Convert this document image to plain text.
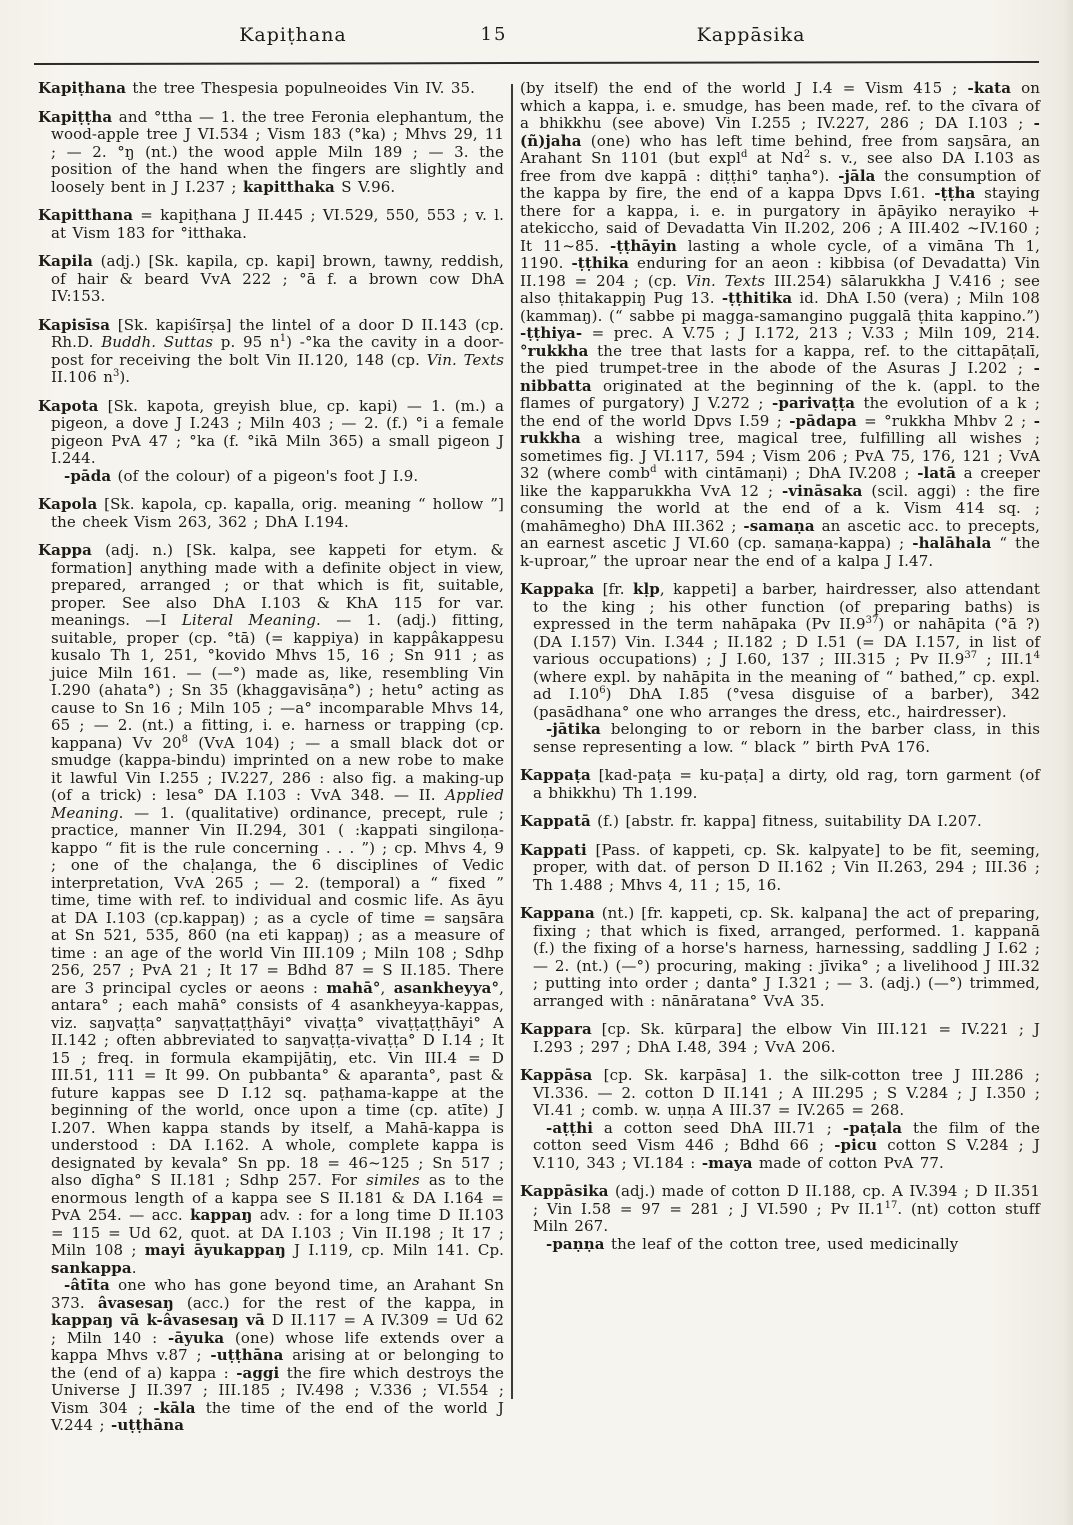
Kapiṭhana	15	Kappāsika

Kapiṭhana the tree Thespesia populneoides Vin IV. 35.

Kapiṭṭha and °ttha — 1. the tree Feronia elephantum, the wood-apple tree J VI.534 ; Vism 183 (°ka) ; Mhvs 29, 11 ; — 2. °ŋ (nt.) the wood apple Miln 189 ; — 3. the position of the hand when the fingers are slightly and loosely bent in J I.237 ; kapitthaka S V.96.

Kapitthana = kapiṭhana J II.445 ; VI.529, 550, 553 ; v. l. at Vism 183 for °itthaka.

Kapila (adj.) [Sk. kapila, cp. kapi] brown, tawny, reddish, of hair & beard VvA 222 ; °ā f. a brown cow DhA IV:153.

Kapisīsa [Sk. kapiśīrṣa] the lintel of a door D II.143 (cp. Rh.D. Buddh. Suttas p. 95 $n^1$) -°ka the cavity in a door-post for receiving the bolt Vin II.120, 148 (cp. Vin. Texts II.106 $n^3$).

Kapota [Sk. kapota, greyish blue, cp. kapi) — 1. (m.) a pigeon, a dove J I.243 ; Miln 403 ; — 2. (f.) °i a female pigeon PvA 47 ; °ka (f. °ikā Miln 365) a small pigeon J I.244.

-pāda (of the colour) of a pigeon's foot J I.9.

Kapola [Sk. kapola, cp. kapalla, orig. meaning “ hollow ”] the cheek Vism 263, 362 ; DhA I.194.

Kappa (adj. n.) [Sk. kalpa, see kappeti for etym. & formation] anything made with a definite object in view, prepared, arranged ; or that which is fit, suitable, proper. See also DhA I.103 & KhA 115 for var. meanings. —I Literal Meaning. — 1. (adj.) fitting, suitable, proper (cp. °tā) (= kappiya) in kappâkappesu kusalo Th 1, 251, °kovido Mhvs 15, 16 ; Sn 911 ; as juice Miln 161. — (—°) made as, like, resembling Vin I.290 (ahata°) ; Sn 35 (khaggavisāṇa°) ; hetu° acting as cause to Sn 16 ; Miln 105 ; —a° incomparable Mhvs 14, 65 ; — 2. (nt.) a fitting, i. e. harness or trapping (cp. kappana) Vv $20^8$ (VvA 104) ; — a small black dot or smudge (kappa-bindu) imprinted on a new robe to make it lawful Vin I.255 ; IV.227, 286 : also fig. a making-up (of a trick) : lesa° DA I.103 : VvA 348. — II. Applied Meaning. — 1. (qualitative) ordinance, precept, rule ; practice, manner Vin II.294, 301 ( :kappati singiloṇa-kappo “ fit is the rule concerning . . . ”) ; cp. Mhvs 4, 9 ; one of the chaḷanga, the 6 disciplines of Vedic interpretation, VvA 265 ; — 2. (temporal) a “ fixed ” time, time with ref. to individual and cosmic life. As āyu at DA I.103 (cp.kappaŋ) ; as a cycle of time = saŋsāra at Sn 521, 535, 860 (na eti kappaŋ) ; as a measure of time : an age of the world Vin III.109 ; Miln 108 ; Sdhp 256, 257 ; PvA 21 ; It 17 = Bdhd 87 = S II.185. There are 3 principal cycles or aeons : mahā°, asankheyya°, antara° ; each mahā° consists of 4 asankheyya-kappas, viz. saŋvaṭṭa° saŋvaṭṭaṭṭhāyi° vivaṭṭa° vivaṭṭaṭṭhāyi° A II.142 ; often abbreviated to saŋvaṭṭa-vivaṭṭa° D I.14 ; It 15 ; freq. in formula ekampijātiŋ, etc. Vin III.4 = D III.51, 111 = It 99. On pubbanta° & aparanta°, past & future kappas see D I.12 sq. paṭhama-kappe at the beginning of the world, once upon a time (cp. atīte) J I.207. When kappa stands by itself, a Mahā-kappa is understood : DA I.162. A whole, complete kappa is designated by kevala° Sn pp. 18 = 46~125 ; Sn 517 ; also dīgha° S II.181 ; Sdhp 257. For similes as to the enormous length of a kappa see S II.181 & DA I.164 = PvA 254. — acc. kappaŋ adv. : for a long time D II.103 = 115 = Ud 62, quot. at DA I.103 ; Vin II.198 ; It 17 ; Miln 108 ; mayi āyukappaŋ J I.119, cp. Miln 141. Cp. sankappa.

-âtīta one who has gone beyond time, an Arahant Sn 373. âvasesaŋ (acc.) for the rest of the kappa, in kappaŋ vā k-âvasesaŋ vā D II.117 = A IV.309 = Ud 62 ; Miln 140 : -āyuka (one) whose life extends over a kappa Mhvs v.87 ; -uṭṭhāna arising at or belonging to the (end of a) kappa : -aggi the fire which destroys the Universe J II.397 ; III.185 ; IV.498 ; V.336 ; VI.554 ; Vism 304 ; -kāla the time of the end of the world J V.244 ; -uṭṭhāna

(by itself) the end of the world J I.4 = Vism 415 ; -kata on which a kappa, i. e. smudge, has been made, ref. to the cīvara of a bhikkhu (see above) Vin I.255 ; IV.227, 286 ; DA I.103 ; -(ñ)jaha (one) who has left time behind, free from saŋsāra, an Arahant Sn 1101 (but expl$^d$ at Nd$^2$ s. v., see also DA I.103 as free from dve kappā : diṭṭhi° taṇha°). -jāla the consumption of the kappa by fire, the end of a kappa Dpvs I.61. -ṭṭha staying there for a kappa, i. e. in purgatory in āpāyiko nerayiko + atekiccho, said of Devadatta Vin II.202, 206 ; A III.402 ~IV.160 ; It 11~85. -ṭṭhāyin lasting a whole cycle, of a vimāna Th 1, 1190. -ṭṭhika enduring for an aeon : kibbisa (of Devadatta) Vin II.198 = 204 ; (cp. Vin. Texts III.254) sālarukkha J V.416 ; see also ṭhitakappiŋ Pug 13. -ṭṭhitika id. DhA I.50 (vera) ; Miln 108 (kammaŋ). (“ sabbe pi magga-samangino puggalā ṭhita kappino.”) -ṭṭhiya- = prec. A V.75 ; J I.172, 213 ; V.33 ; Miln 109, 214. °rukkha the tree that lasts for a kappa, ref. to the cittapāṭalī, the pied trumpet-tree in the abode of the Asuras J I.202 ; -nibbatta originated at the beginning of the k. (appl. to the flames of purgatory) J V.272 ; -parivaṭṭa the evolution of a k ; the end of the world Dpvs I.59 ; -pādapa = °rukkha Mhbv 2 ; -rukkha a wishing tree, magical tree, fulfilling all wishes ; sometimes fig. J VI.117, 594 ; Vism 206 ; PvA 75, 176, 121 ; VvA 32 (where comb$^d$ with cintāmaṇi) ; DhA IV.208 ; -latā a creeper like the kapparukkha VvA 12 ; -vināsaka (scil. aggi) : the fire consuming the world at the end of a k. Vism 414 sq. ; (mahāmegho) DhA III.362 ; -samaṇa an ascetic acc. to precepts, an earnest ascetic J VI.60 (cp. samaṇa-kappa) ; -halāhala “ the k-uproar,” the uproar near the end of a kalpa J I.47.

Kappaka [fr. kḷp, kappeti] a barber, hairdresser, also attendant to the king ; his other function (of preparing baths) is expressed in the term nahāpaka (Pv $II.9^{37}$) or nahāpita (°ā ?) (DA I.157) Vin. I.344 ; II.182 ; D I.51 (= DA I.157, in list of various occupations) ; J I.60, 137 ; III.315 ; Pv $II.9^{37}$ ; $III.1^4$ (where expl. by nahāpita in the meaning of “ bathed,” cp. expl. ad $I.10^6$) DhA I.85 (°vesa disguise of a barber), 342 (pasādhana° one who arranges the dress, etc., hairdresser).

-jātika belonging to or reborn in the barber class, in this sense representing a low. “ black ” birth PvA 176.

Kappaṭa [kad-paṭa = ku-paṭa] a dirty, old rag, torn garment (of a bhikkhu) Th 1.199.

Kappatā (f.) [abstr. fr. kappa] fitness, suitability DA I.207.

Kappati [Pass. of kappeti, cp. Sk. kalpyate] to be fit, seeming, proper, with dat. of person D II.162 ; Vin II.263, 294 ; III.36 ; Th 1.488 ; Mhvs 4, 11 ; 15, 16.

Kappana (nt.) [fr. kappeti, cp. Sk. kalpana] the act of preparing, fixing ; that which is fixed, arranged, performed. 1. kappanā (f.) the fixing of a horse's harness, harnessing, saddling J I.62 ; — 2. (nt.) (—°) procuring, making : jīvika° ; a livelihood J III.32 ; putting into order ; danta° J I.321 ; — 3. (adj.) (—°) trimmed, arranged with : nānāratana° VvA 35.

Kappara [cp. Sk. kūrpara] the elbow Vin III.121 = IV.221 ; J I.293 ; 297 ; DhA I.48, 394 ; VvA 206.

Kappāsa [cp. Sk. karpāsa] 1. the silk-cotton tree J III.286 ; VI.336. — 2. cotton D II.141 ; A III.295 ; S V.284 ; J I.350 ; VI.41 ; comb. w. uṇṇa A III.37 = IV.265 = 268.

-aṭṭhi a cotton seed DhA III.71 ; -paṭala the film of the cotton seed Vism 446 ; Bdhd 66 ; -picu cotton S V.284 ; J V.110, 343 ; VI.184 : -maya made of cotton PvA 77.

Kappāsika (adj.) made of cotton D II.188, cp. A IV.394 ; D II.351 ; Vin I.58 = 97 = 281 ; J VI.590 ; Pv $II.1^{17}$. (nt) cotton stuff Miln 267.

-paṇṇa the leaf of the cotton tree, used medicinally
